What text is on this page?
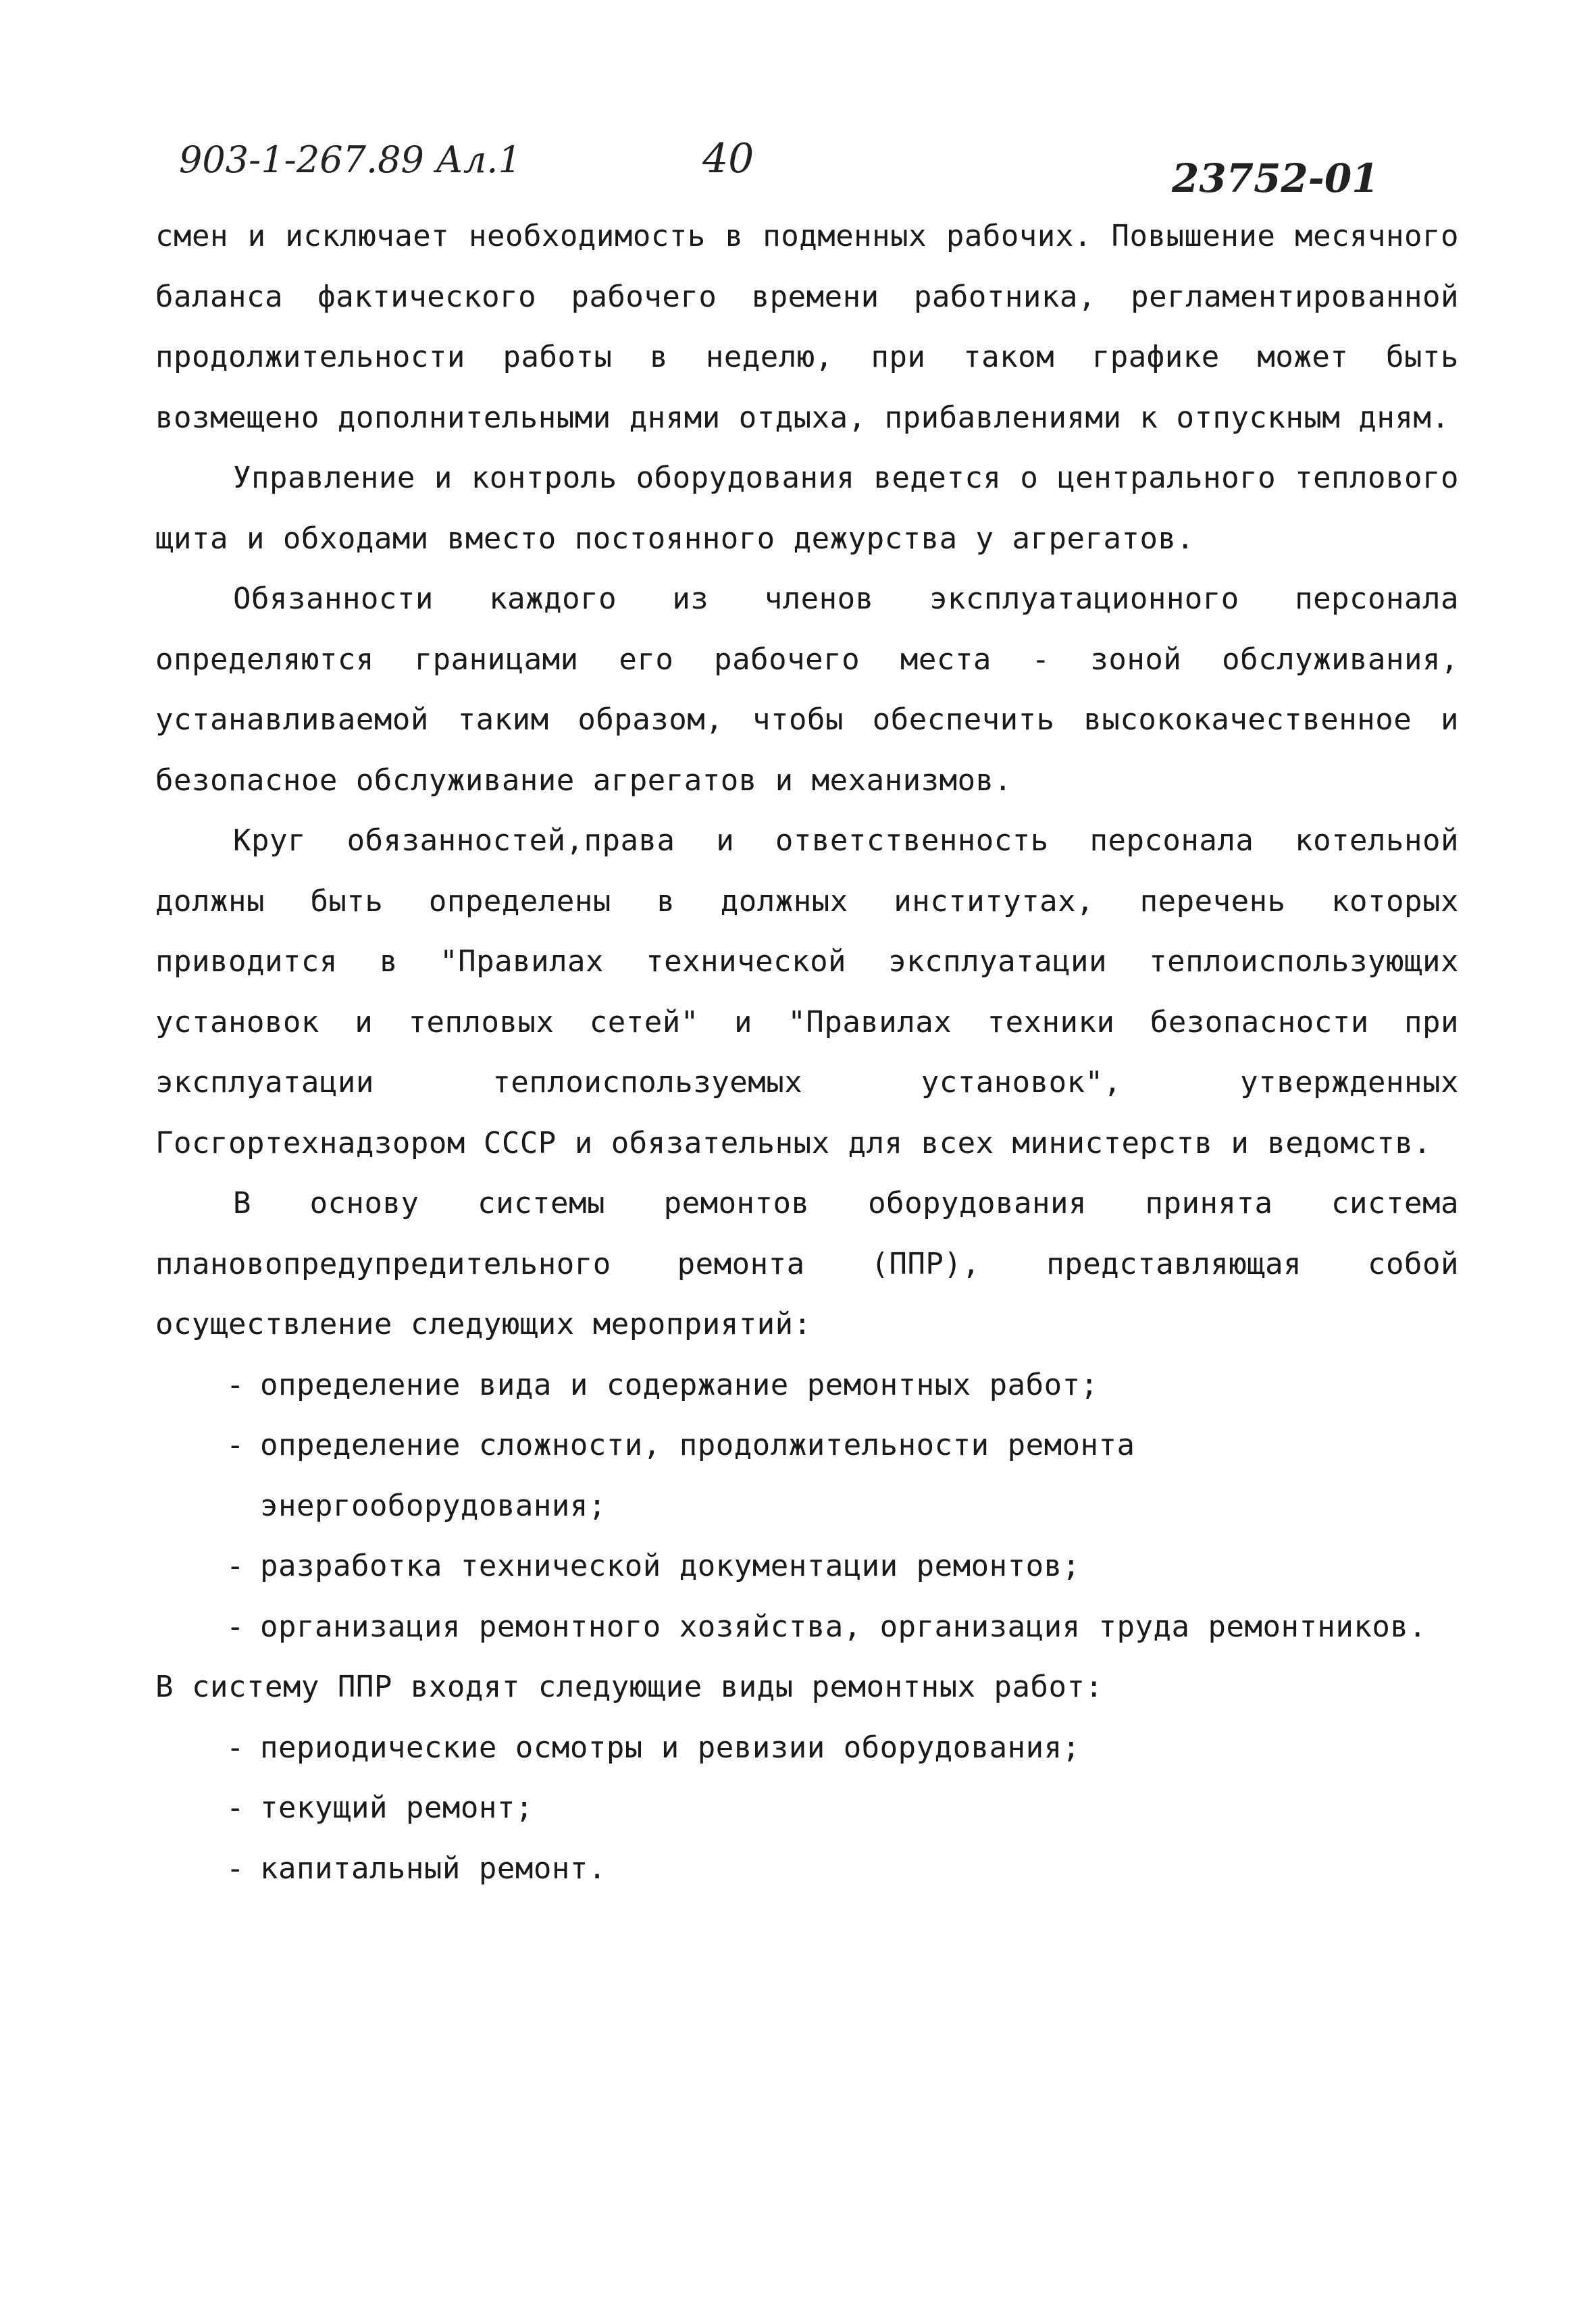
903-1-267.89 Ал.1	40	23752-01

смен и исключает необходимость в подменных рабочих. Повышение месячного баланса фактического рабочего времени работника, регламентированной продолжительности работы в неделю, при таком графике может быть возмещено дополнительными днями отдыха, прибавлениями к отпускным дням.

Управление и контроль оборудования ведется о центрального теплового щита и обходами вместо постоянного дежурства у агрегатов.

Обязанности каждого из членов эксплуатационного персонала определяются границами его рабочего места - зоной обслуживания, устанавливаемой таким образом, чтобы обеспечить высококачественное и безопасное обслуживание агрегатов и механизмов.

Круг обязанностей,права и ответственность персонала котельной должны быть определены в должных институтах, перечень которых приводится в "Правилах технической эксплуатации теплоиспользующих установок и тепловых сетей" и "Правилах техники безопасности при эксплуатации теплоиспользуемых установок", утвержденных Госгортехнадзором СССР и обязательных для всех министерств и ведомств.

В основу системы ремонтов оборудования принята система плановопредупредительного ремонта (ППР), представляющая собой осуществление следующих мероприятий:

- определение вида и содержание ремонтных работ;
- определение сложности, продолжительности ремонта энергооборудования;
- разработка технической документации ремонтов;
- организация ремонтного хозяйства, организация труда ремонтников.

В систему ППР входят следующие виды ремонтных работ:

- периодические осмотры и ревизии оборудования;
- текущий ремонт;
- капитальный ремонт.
